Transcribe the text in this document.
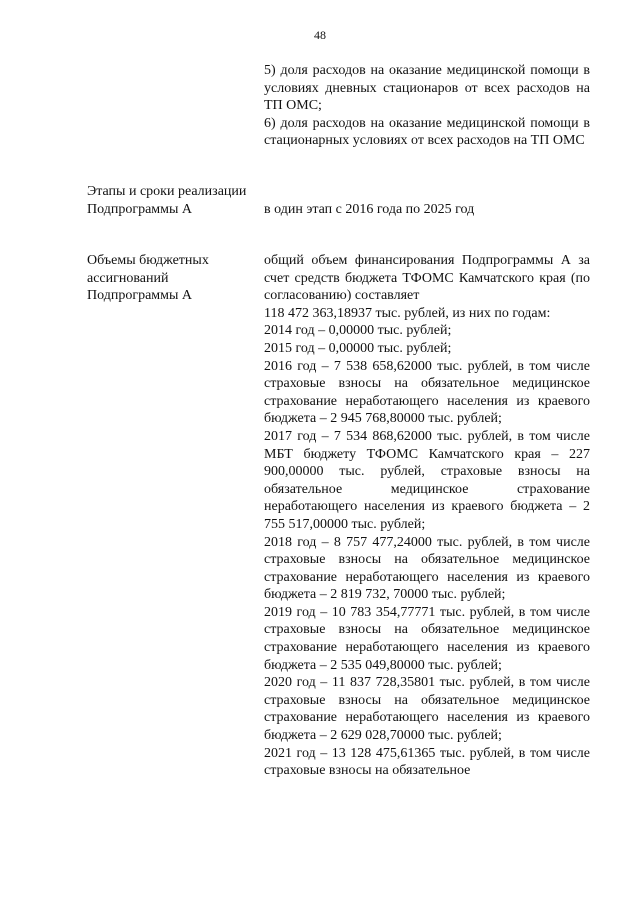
48

5) доля расходов на оказание медицинской помощи в условиях дневных стационаров от всех расходов на ТП ОМС;

6) доля расходов на оказание медицинской помощи в стационарных условиях от всех расходов на ТП ОМС

Этапы и сроки реализации Подпрограммы А	в один этап с 2016 года по 2025 год
Объемы бюджетных ассигнований Подпрограммы А

общий объем финансирования Подпрограммы А за счет средств бюджета ТФОМС Камчатского края (по согласованию) составляет

118 472 363,18937 тыс. рублей, из них по годам:

2014 год – 0,00000 тыс. рублей;

2015 год – 0,00000 тыс. рублей;

2016 год – 7 538 658,62000 тыс. рублей, в том числе страховые взносы на обязательное медицинское страхование неработающего населения из краевого бюджета – 2 945 768,80000 тыс. рублей;

2017 год – 7 534 868,62000 тыс. рублей, в том числе МБТ бюджету ТФОМС Камчатского края – 227 900,00000 тыс. рублей, страховые взносы на обязательное медицинское страхование неработающего населения из краевого бюджета – 2 755 517,00000 тыс. рублей;

2018 год – 8 757 477,24000 тыс. рублей, в том числе страховые взносы на обязательное медицинское страхование неработающего населения из краевого бюджета – 2 819 732, 70000 тыс. рублей;

2019 год – 10 783 354,77771 тыс. рублей, в том числе страховые взносы на обязательное медицинское страхование неработающего населения из краевого бюджета – 2 535 049,80000 тыс. рублей;

2020 год – 11 837 728,35801 тыс. рублей, в том числе страховые взносы на обязательное медицинское страхование неработающего населения из краевого бюджета – 2 629 028,70000 тыс. рублей;

2021 год – 13 128 475,61365 тыс. рублей, в том числе страховые взносы на обязательное
